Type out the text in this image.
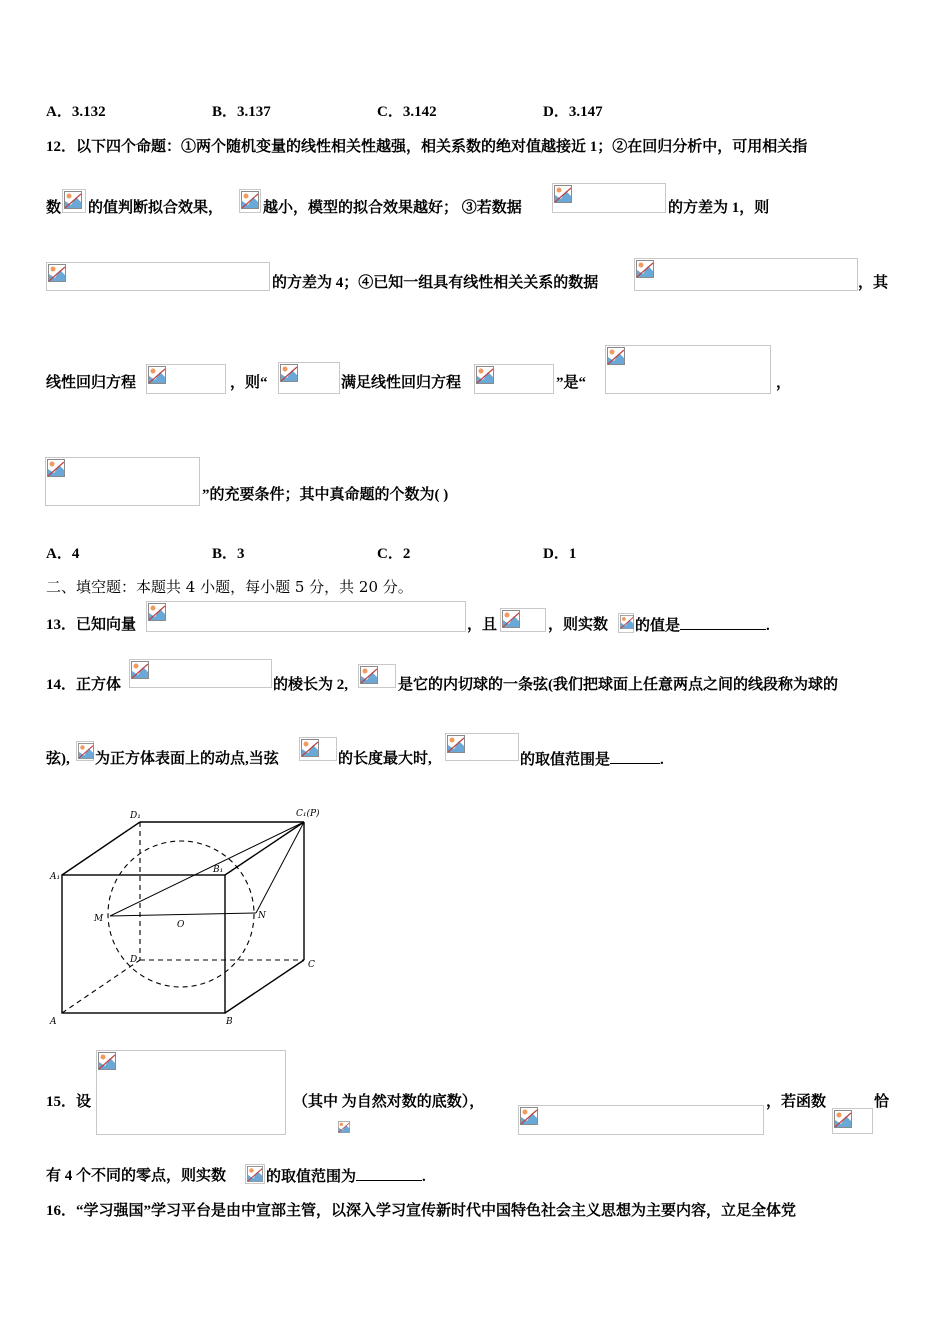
A．3.132	B．3.137	C．3.142	D．3.147
12．以下四个命题：①两个随机变量的线性相关性越强，相关系数的绝对值越接近 1；②在回归分析中，可用相关指
数 的值判断拟合效果，	越小，模型的拟合效果越好； ③若数据	的方差为 1，则
的方差为 4；④已知一组具有线性相关关系的数据	，其
线性回归方程	，则“	满足线性回归方程	”是“	，
”的充要条件；其中真命题的个数为( )
A．4	B．3	C．2	D．1
二、填空题：本题共 4 小题，每小题 5 分，共 20 分。
13．已知向量	，且	，则实数 的值是	.
14．正方体	的棱长为 2,	是它的内切球的一条弦(我们把球面上任意两点之间的线段称为球的
弦), 为正方体表面上的动点,当弦	的长度最大时,	的取值范围是	.
D₁	C₁(P)
A₁
B₁
M	N
O
D	C
A	B
15．设	（其中 为自然对数的底数），	，若函数	恰
有 4 个不同的零点，则实数	的取值范围为	.
16．“学习强国”学习平台是由中宣部主管，以深入学习宣传新时代中国特色社会主义思想为主要内容，立足全体党
